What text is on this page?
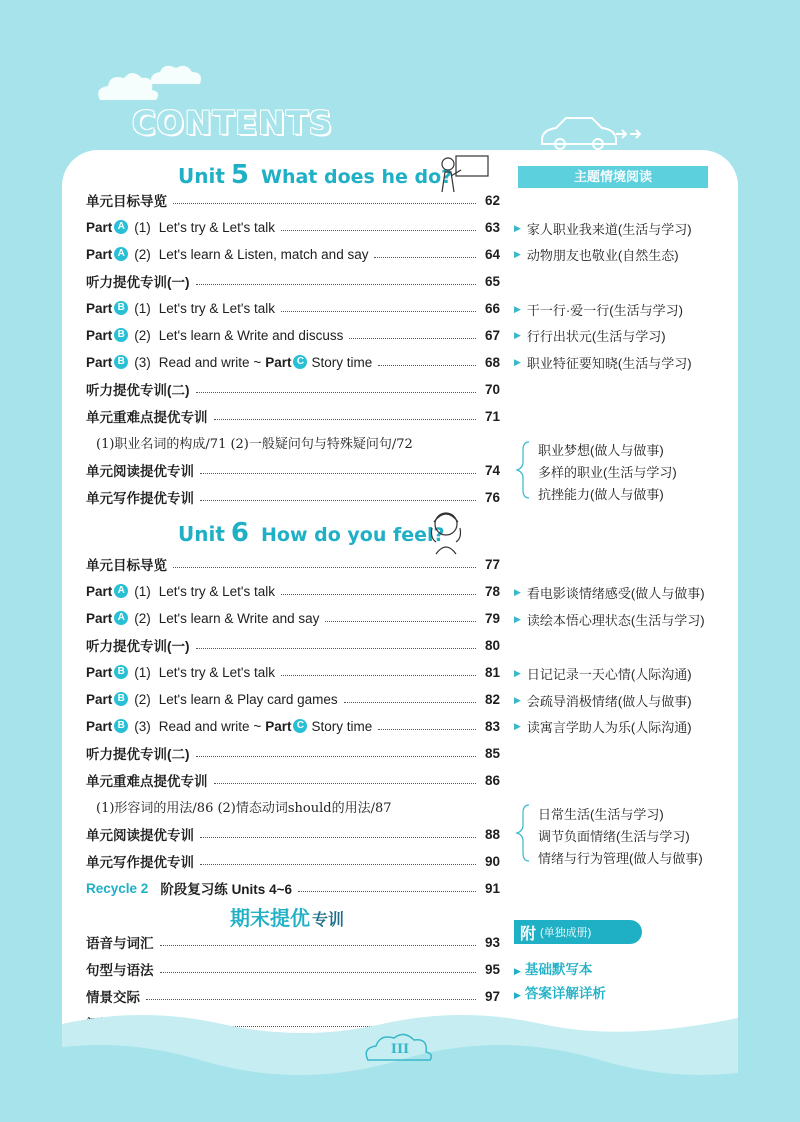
CONTENTS
Unit 5 What does he do?	主题情境阅读
单元目标导览	62
Part A (1) Let's try & Let's talk	63
Part A (2) Let's learn & Listen, match and say	64
听力提优专训(一)	65
Part B (1) Let's try & Let's talk	66
Part B (2) Let's learn & Write and discuss	67
Part B (3) Read and write ~ Part C Story time	68
听力提优专训(二)	70
单元重难点提优专训	71
单元阅读提优专训	74
单元写作提优专训	76
(1)职业名词的构成/71 (2)一般疑问句与特殊疑问句/72
Unit 6 How do you feel?
单元目标导览	77
Part A (1) Let's try & Let's talk	78
Part A (2) Let's learn & Write and say	79
听力提优专训(一)	80
Part B (1) Let's try & Let's talk	81
Part B (2) Let's learn & Play card games	82
Part B (3) Read and write ~ Part C Story time	83
听力提优专训(二)	85
单元重难点提优专训	86
单元阅读提优专训	88
单元写作提优专训	90
(1)形容词的用法/86 (2)情态动词should的用法/87
Recycle 2 阶段复习练 Units 4~6	91
期末提优 专训
语音与词汇	93
句型与语法	95
情景交际	97
▶ 家人职业我来道(生活与学习)
▶ 动物朋友也敬业(自然生态)
▶ 干一行·爱一行(生活与学习)
▶ 行行出状元(生活与学习)
▶ 职业特征要知晓(生活与学习)
▶ 看电影谈情绪感受(做人与做事)
▶ 读绘本悟心理状态(生活与学习)
▶ 日记记录一天心情(人际沟通)
▶ 会疏导消极情绪(做人与做事)
▶ 读寓言学助人为乐(人际沟通)
职业梦想(做人与做事)
多样的职业(生活与学习)
抗挫能力(做人与做事)
日常生活(生活与学习)
调节负面情绪(生活与学习)
情绪与行为管理(做人与做事)
附 (单独成册)
▶ 基础默写本
▶ 答案详解详析
III
